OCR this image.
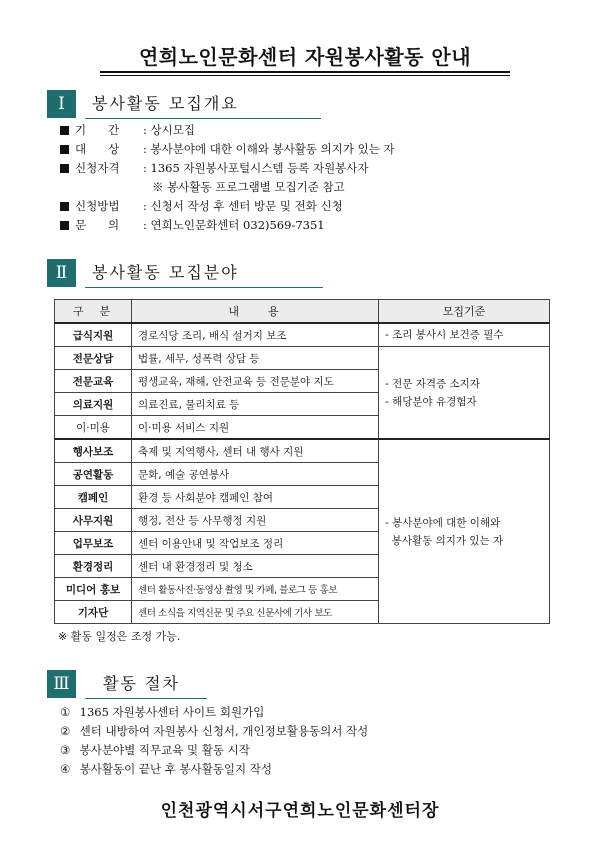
연희노인문화센터 자원봉사활동 안내
Ⅰ	봉사활동 모집개요
기      간 : 상시모집
대      상 : 봉사분야에 대한 이해와 봉사활동 의지가 있는 자
신청자격 : 1365 자원봉사포털시스템 등록 자원봉사자
※ 봉사활동 프로그램별 모집기준 참고
신청방법 : 신청서 작성 후 센터 방문 및 전화 신청
문      의 : 연희노인문화센터 032)569-7351
Ⅱ	봉사활동 모집분야
구  분	내    용	모집기준
급식지원	경로식당 조리, 배식 설거지 보조	- 조리 봉사시 보건증 필수

전문상담	법률, 세무, 성폭력 상담 등	- 전문 자격증 소지자
- 해당분야 유경험자

전문교육	평생교육, 재해, 안전교육 등 전문분야 지도	
의료지원	의료진료, 물리치료 등	
이·미용	이·미용 서비스 지원	
행사보조	축제 및 지역행사, 센터 내 행사 지원	- 봉사분야에 대한 이해와
봉사활동 의지가 있는 자

공연활동	문화, 예술 공연봉사	
캠페인	환경 등 사회분야 캠페인 참여	
사무지원	행정, 전산 등 사무행정 지원	
업무보조	센터 이용안내 및 작업보조 정리	
환경정리	센터 내 환경정리 및 청소	
미디어 홍보	센터 활동사진·동영상 촬영 및 카페, 블로그 등 홍보	
기자단	센터 소식을 지역신문 및 주요 신문사에 기사 보도	
※ 활동 일정은 조정 가능.
Ⅲ	활동 절차
① 1365 자원봉사센터 사이트 회원가입
② 센터 내방하여 자원봉사 신청서, 개인정보활용동의서 작성
③ 봉사분야별 직무교육 및 활동 시작
④ 봉사활동이 끝난 후 봉사활동일지 작성
인천광역시서구연희노인문화센터장
